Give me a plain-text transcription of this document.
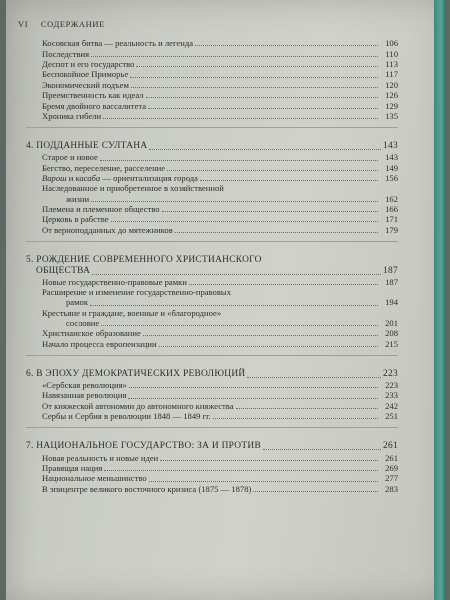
VI СОДЕРЖАНИЕ
Косовская битва — реальность и легенда	106
Последствия	110
Деспот и его государство	113
Беспокойное Приморье	117
Экономический подъем	120
Преемственность как идеал	126
Бремя двойного вассалитета	129
Хроника гибели	135
4. ПОДДАННЫЕ СУЛТАНА	143
Старое и новое	143
Бегство, переселение, расселение	149
Варош и касаба — ориентализация города	156
Наследованное и приобретенное в хозяйственной
жизни	162
Племена и племенное общество	166
Церковь в рабстве	171
От верноподданных до мятежников	179
5. РОЖДЕНИЕ СОВРЕМЕННОГО ХРИСТИАНСКОГО
ОБЩЕСТВА	187
Новые государственно-правовые рамки	187
Расширение и изменение государственно-правовых
рамок	194
Крестьяне и граждане, военные и «благородное»
сословие	201
Христианское образование	208
Начало процесса европеизации	215
6. В ЭПОХУ ДЕМОКРАТИЧЕСКИХ РЕВОЛЮЦИЙ	223
«Сербская революция»	223
Навязанная революция	233
От княжеской автономии до автономного княжества	242
Сербы и Сербия в революции 1848 — 1849 гг.	251
7. НАЦИОНАЛЬНОЕ ГОСУДАРСТВО: ЗА И ПРОТИВ	261
Новая реальность и новые идеи	261
Правящая нация	269
Национальное меньшинство	277
В эпицентре великого восточного кризиса (1875 — 1878)	283
